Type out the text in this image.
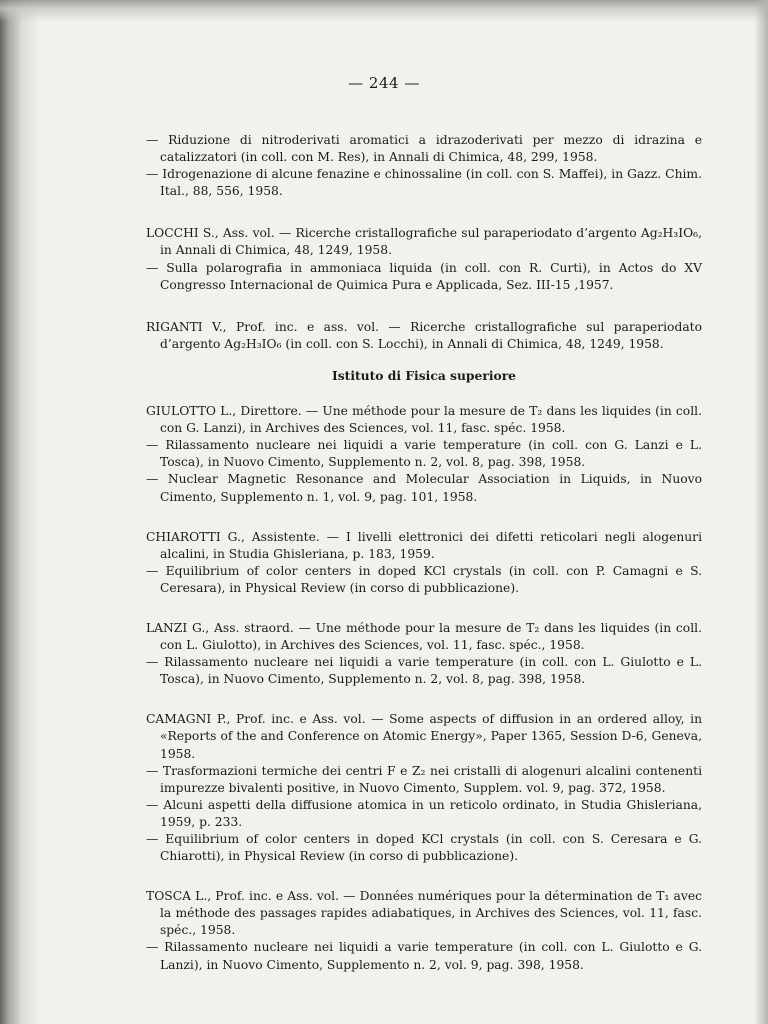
— 244 —

— Riduzione di nitroderivati aromatici a idrazoderivati per mezzo di idrazina e catalizzatori (in coll. con M. Res), in Annali di Chimica, 48, 299, 1958.

— Idrogenazione di alcune fenazine e chinossaline (in coll. con S. Maffei), in Gazz. Chim. Ital., 88, 556, 1958.

LOCCHI S., Ass. vol. — Ricerche cristallografiche sul paraperiodato d’argento Ag₂H₃IO₆, in Annali di Chimica, 48, 1249, 1958.

— Sulla polarografia in ammoniaca liquida (in coll. con R. Curti), in Actos do XV Congresso Internacional de Quimica Pura e Applicada, Sez. III-15 ,1957.

RIGANTI V., Prof. inc. e ass. vol. — Ricerche cristallografiche sul paraperiodato d’argento Ag₂H₃IO₆ (in coll. con S. Locchi), in Annali di Chimica, 48, 1249, 1958.

Istituto di Fisica superiore

GIULOTTO L., Direttore. — Une méthode pour la mesure de T₂ dans les liquides (in coll. con G. Lanzi), in Archives des Sciences, vol. 11, fasc. spéc. 1958.

— Rilassamento nucleare nei liquidi a varie temperature (in coll. con G. Lanzi e L. Tosca), in Nuovo Cimento, Supplemento n. 2, vol. 8, pag. 398, 1958.

— Nuclear Magnetic Resonance and Molecular Association in Liquids, in Nuovo Cimento, Supplemento n. 1, vol. 9, pag. 101, 1958.

CHIAROTTI G., Assistente. — I livelli elettronici dei difetti reticolari negli alogenuri alcalini, in Studia Ghisleriana, p. 183, 1959.

— Equilibrium of color centers in doped KCl crystals (in coll. con P. Camagni e S. Ceresara), in Physical Review (in corso di pubblicazione).

LANZI G., Ass. straord. — Une méthode pour la mesure de T₂ dans les liquides (in coll. con L. Giulotto), in Archives des Sciences, vol. 11, fasc. spéc., 1958.

— Rilassamento nucleare nei liquidi a varie temperature (in coll. con L. Giulotto e L. Tosca), in Nuovo Cimento, Supplemento n. 2, vol. 8, pag. 398, 1958.

CAMAGNI P., Prof. inc. e Ass. vol. — Some aspects of diffusion in an ordered alloy, in «Reports of the and Conference on Atomic Energy», Paper 1365, Session D-6, Geneva, 1958.

— Trasformazioni termiche dei centri F e Z₂ nei cristalli di alogenuri alcalini contenenti impurezze bivalenti positive, in Nuovo Cimento, Supplem. vol. 9, pag. 372, 1958.

— Alcuni aspetti della diffusione atomica in un reticolo ordinato, in Studia Ghisleriana, 1959, p. 233.

— Equilibrium of color centers in doped KCl crystals (in coll. con S. Ceresara e G. Chiarotti), in Physical Review (in corso di pubblicazione).

TOSCA L., Prof. inc. e Ass. vol. — Données numériques pour la détermination de T₁ avec la méthode des passages rapides adiabatiques, in Archives des Sciences, vol. 11, fasc. spéc., 1958.

— Rilassamento nucleare nei liquidi a varie temperature (in coll. con L. Giulotto e G. Lanzi), in Nuovo Cimento, Supplemento n. 2, vol. 9, pag. 398, 1958.
